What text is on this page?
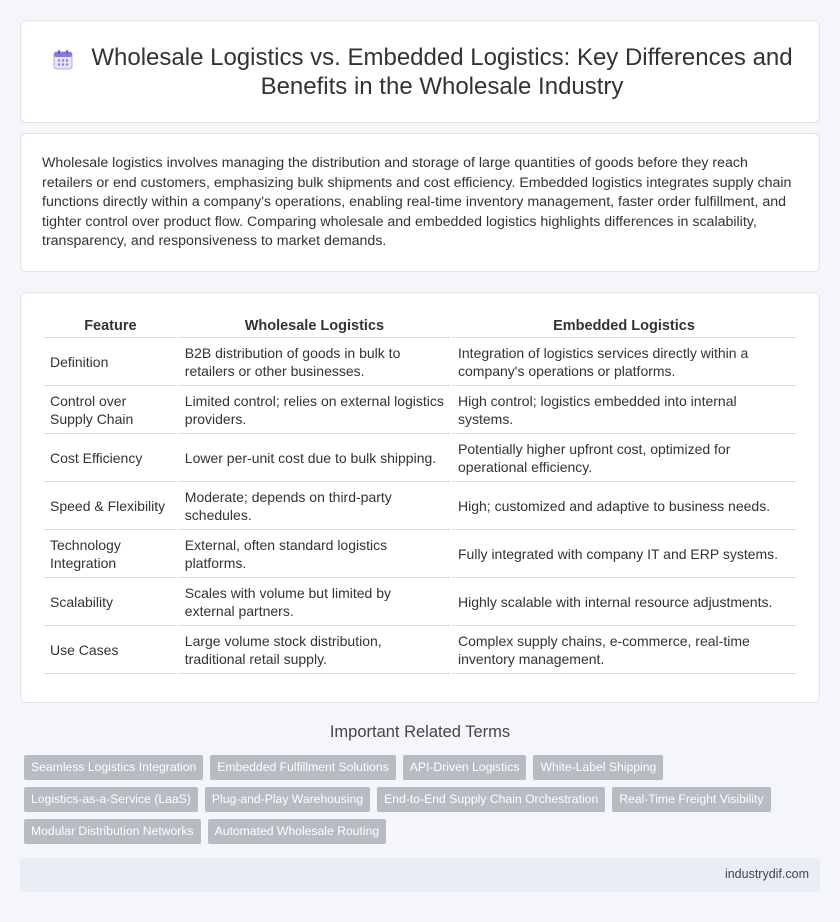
Wholesale Logistics vs. Embedded Logistics: Key Differences and Benefits in the Wholesale Industry

Wholesale logistics involves managing the distribution and storage of large quantities of goods before they reach retailers or end customers, emphasizing bulk shipments and cost efficiency. Embedded logistics integrates supply chain functions directly within a company's operations, enabling real-time inventory management, faster order fulfillment, and tighter control over product flow. Comparing wholesale and embedded logistics highlights differences in scalability, transparency, and responsiveness to market demands.

Feature	Wholesale Logistics	Embedded Logistics
Definition	B2B distribution of goods in bulk to retailers or other businesses.	Integration of logistics services directly within a company's operations or platforms.
Control over Supply Chain	Limited control; relies on external logistics providers.	High control; logistics embedded into internal systems.
Cost Efficiency	Lower per-unit cost due to bulk shipping.	Potentially higher upfront cost, optimized for operational efficiency.
Speed & Flexibility	Moderate; depends on third-party schedules.	High; customized and adaptive to business needs.
Technology Integration	External, often standard logistics platforms.	Fully integrated with company IT and ERP systems.
Scalability	Scales with volume but limited by external partners.	Highly scalable with internal resource adjustments.
Use Cases	Large volume stock distribution, traditional retail supply.	Complex supply chains, e-commerce, real-time inventory management.
Important Related Terms
Seamless Logistics Integration	Embedded Fulfillment Solutions	API-Driven Logistics	White-Label Shipping
Logistics-as-a-Service (LaaS)	Plug-and-Play Warehousing	End-to-End Supply Chain Orchestration	Real-Time Freight Visibility
Modular Distribution Networks	Automated Wholesale Routing
industrydif.com
